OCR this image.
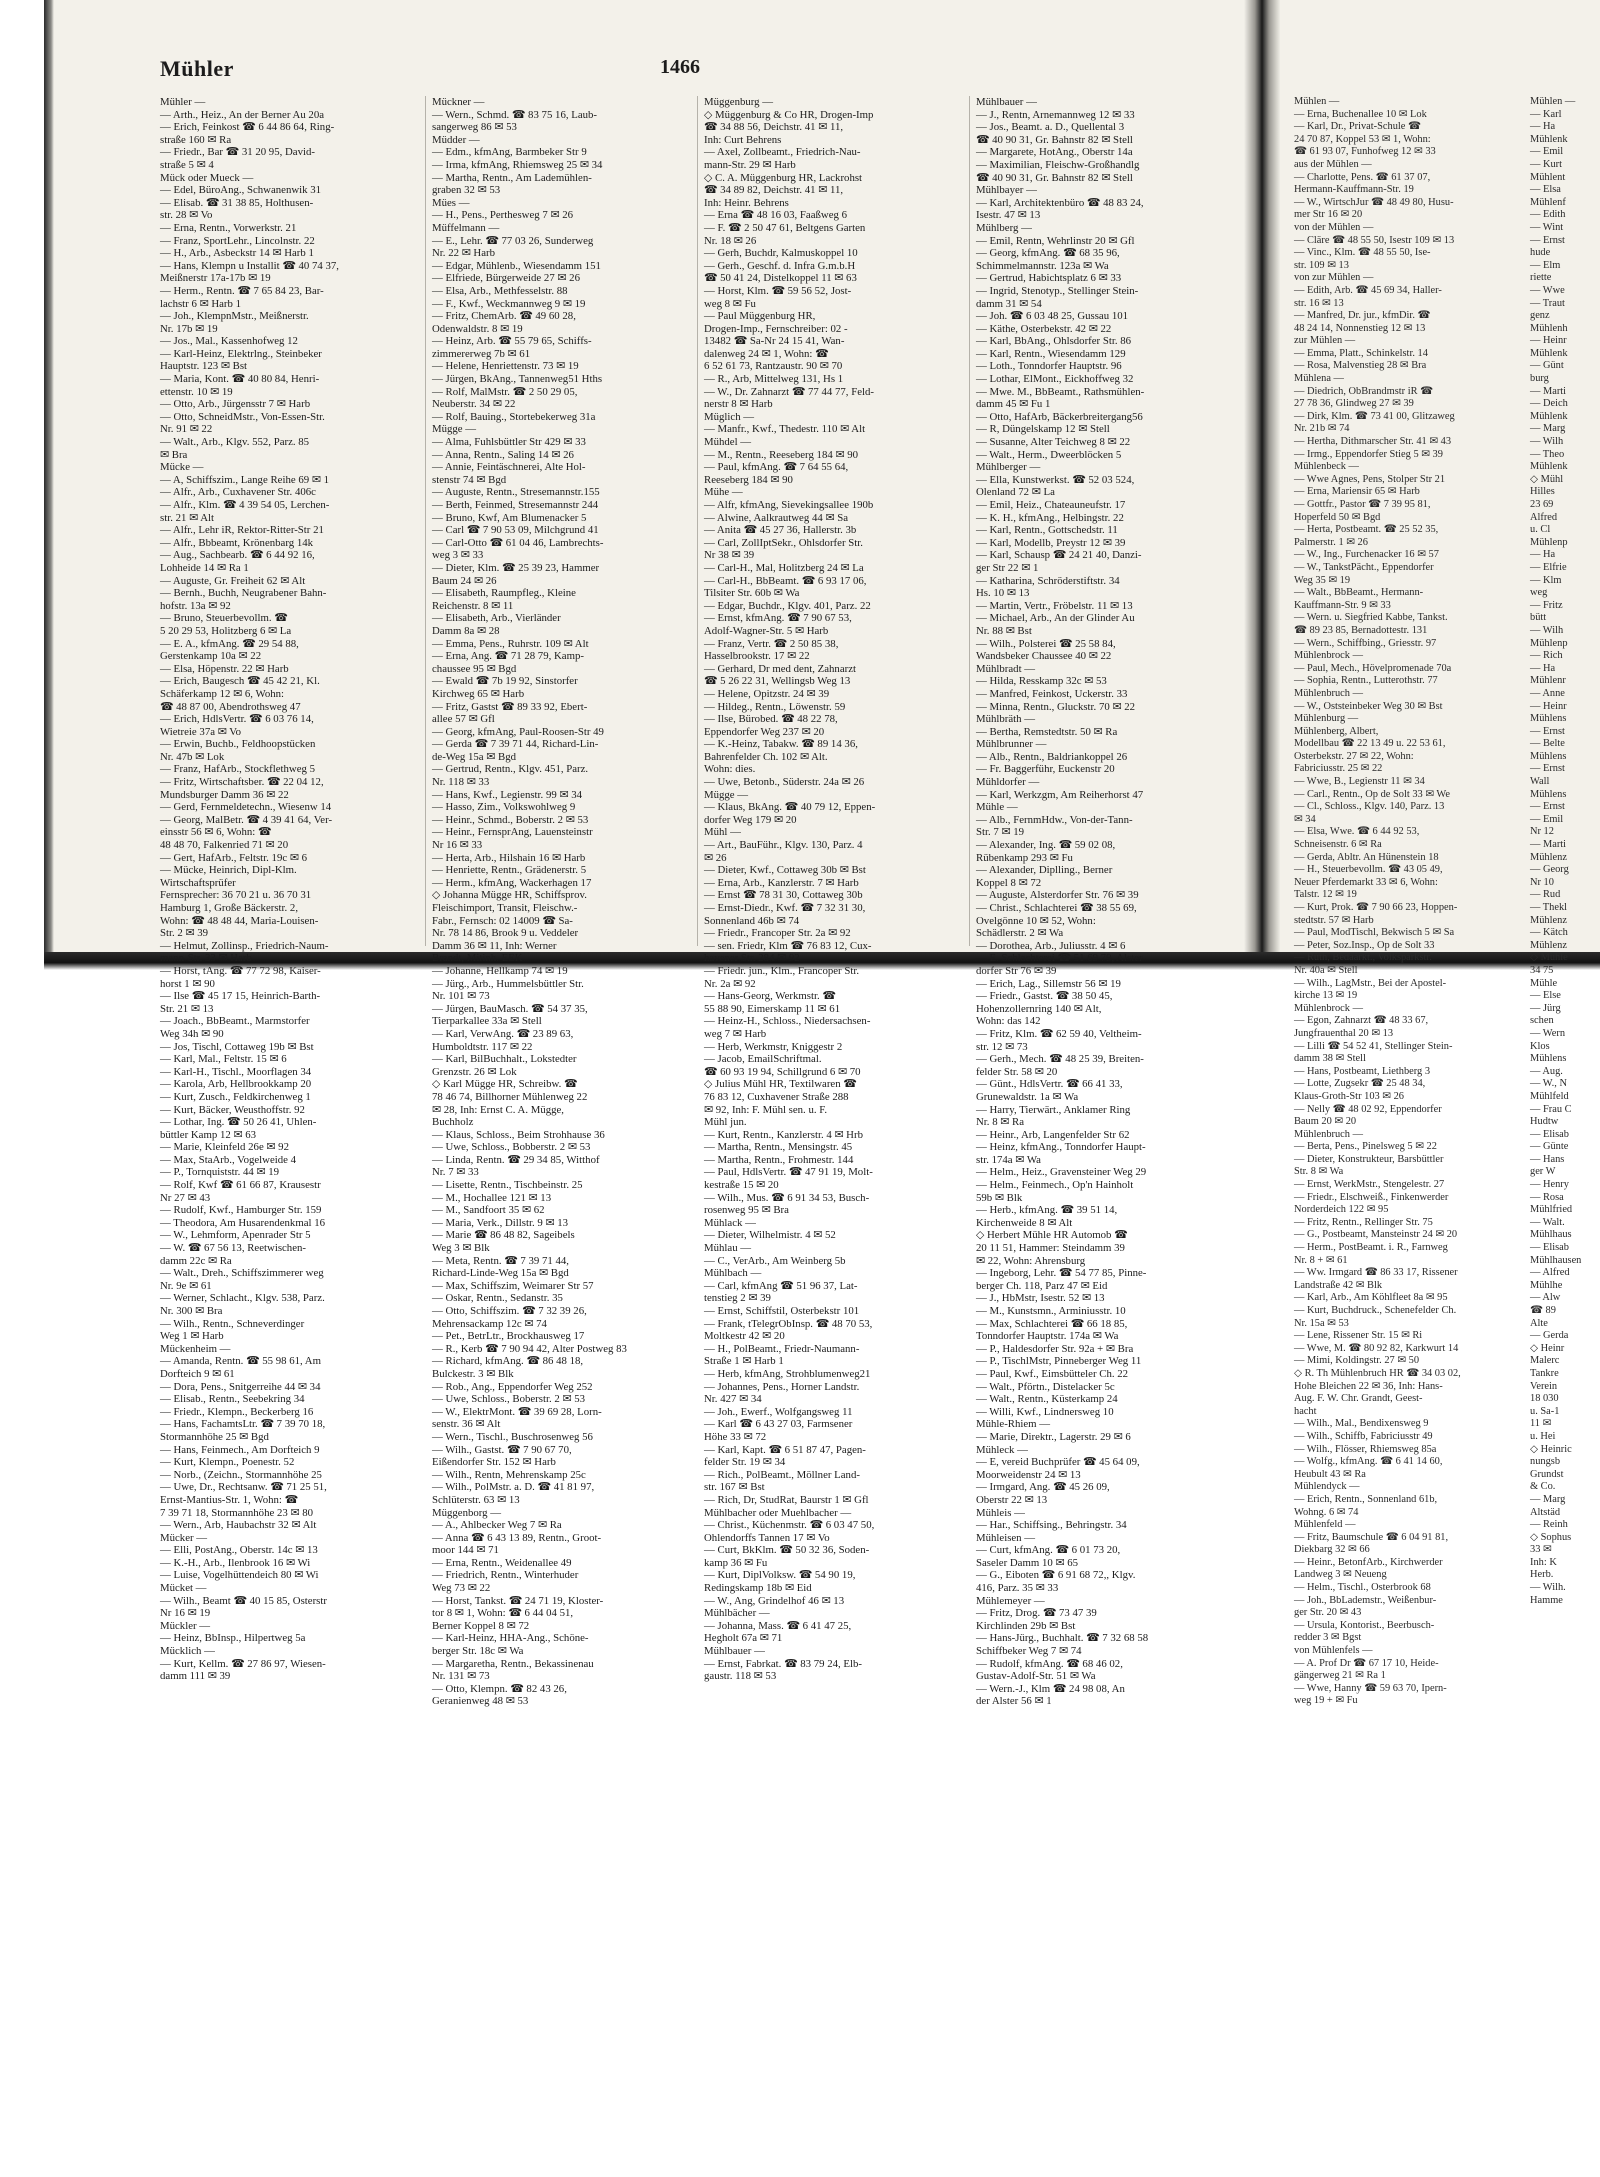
Mühler	1466
Mühler —
— Arth., Heiz., An der Berner Au 20a
— Erich, Feinkost ☎ 6 44 86 64, Ring-
straße 160 ✉ Ra
— Friedr., Bar ☎ 31 20 95, David-
straße 5 ✉ 4
Mück oder Mueck —
— Edel, BüroAng., Schwanenwik 31
— Elisab. ☎ 31 38 85, Holthusen-
str. 28 ✉ Vo
— Erna, Rentn., Vorwerkstr. 21
— Franz, SportLehr., Lincolnstr. 22
— H., Arb., Asbeckstr 14 ✉ Harb 1
— Hans, Klempn u Installit ☎ 40 74 37,
Meißnerstr 17a-17b ✉ 19
— Herm., Rentn. ☎ 7 65 84 23, Bar-
lachstr 6 ✉ Harb 1
— Joh., KlempnMstr., Meißnerstr.
Nr. 17b ✉ 19
— Jos., Mal., Kassenhofweg 12
— Karl-Heinz, Elektrlng., Steinbeker
Hauptstr. 123 ✉ Bst
— Maria, Kont. ☎ 40 80 84, Henri-
ettenstr. 10 ✉ 19
— Otto, Arb., Jürgensstr 7 ✉ Harb
— Otto, SchneidMstr., Von-Essen-Str.
Nr. 91 ✉ 22
— Walt., Arb., Klgv. 552, Parz. 85
✉ Bra
Mücke —
— A, Schiffszim., Lange Reihe 69 ✉ 1
— Alfr., Arb., Cuxhavener Str. 406c
— Alfr., Klm. ☎ 4 39 54 05, Lerchen-
str. 21 ✉ Alt
— Alfr., Lehr iR, Rektor-Ritter-Str 21
— Alfr., Bbbeamt, Krönenbarg 14k
— Aug., Sachbearb. ☎ 6 44 92 16,
Lohheide 14 ✉ Ra 1
— Auguste, Gr. Freiheit 62 ✉ Alt
— Bernh., Buchh, Neugrabener Bahn-
hofstr. 13a ✉ 92
— Bruno, Steuerbevollm. ☎
5 20 29 53, Holitzberg 6 ✉ La
— E. A., kfmAng. ☎ 29 54 88,
Gerstenkamp 10a ✉ 22
— Elsa, Höpenstr. 22 ✉ Harb
— Erich, Baugesch ☎ 45 42 21, Kl.
Schäferkamp 12 ✉ 6, Wohn:
☎ 48 87 00, Abendrothsweg 47
— Erich, HdlsVertr. ☎ 6 03 76 14,
Wietreie 37a ✉ Vo
— Erwin, Buchb., Feldhoopstücken
Nr. 47b ✉ Lok
— Franz, HafArb., Stockflethweg 5
— Fritz, Wirtschaftsber. ☎ 22 04 12,
Mundsburger Damm 36 ✉ 22
— Gerd, Fernmeldetechn., Wiesenw 14
— Georg, MalBetr. ☎ 4 39 41 64, Ver-
einsstr 56 ✉ 6, Wohn: ☎
48 48 70, Falkenried 71 ✉ 20
— Gert, HafArb., Feltstr. 19c ✉ 6
— Mücke, Heinrich, Dipl-Klm.
Wirtschaftsprüfer
Fernsprecher: 36 70 21 u. 36 70 31
Hamburg 1, Große Bäckerstr. 2,
Wohn: ☎ 48 48 44, Maria-Louisen-
Str. 2 ✉ 39
— Helmut, Zollinsp., Friedrich-Naum-
mann-Str. 33 ✉ Harb
— Horst, tAng. ☎ 77 72 98, Kaiser-
horst 1 ✉ 90
— Ilse ☎ 45 17 15, Heinrich-Barth-
Str. 21 ✉ 13
— Joach., BbBeamt., Marmstorfer
Weg 34h ✉ 90
— Jos, Tischl, Cottaweg 19b ✉ Bst
— Karl, Mal., Feltstr. 15 ✉ 6
— Karl-H., Tischl., Moorflagen 34
— Karola, Arb, Hellbrookkamp 20
— Kurt, Zusch., Feldkirchenweg 1
— Kurt, Bäcker, Weusthoffstr. 92
— Lothar, Ing. ☎ 50 26 41, Uhlen-
büttler Kamp 12 ✉ 63
— Marie, Kleinfeld 26e ✉ 92
— Max, StaArb., Vogelweide 4
— P., Tornquiststr. 44 ✉ 19
— Rolf, Kwf ☎ 61 66 87, Krausestr
Nr 27 ✉ 43
— Rudolf, Kwf., Hamburger Str. 159
— Theodora, Am Husarendenkmal 16
— W., Lehmform, Apenrader Str 5
— W. ☎ 67 56 13, Reetwischen-
damm 22c ✉ Ra
— Walt., Dreh., Schiffszimmerer weg
Nr. 9e ✉ 61
— Werner, Schlacht., Klgv. 538, Parz.
Nr. 300 ✉ Bra
— Wilh., Rentn., Schneverdinger
Weg 1 ✉ Harb
Mückenheim —
— Amanda, Rentn. ☎ 55 98 61, Am
Dorfteich 9 ✉ 61
— Dora, Pens., Snitgerreihe 44 ✉ 34
— Elisab., Rentn., Seebekring 34
— Friedr., Klempn., Beckerberg 16
— Hans, FachamtsLtr. ☎ 7 39 70 18,
Stormannhöhe 25 ✉ Bgd
— Hans, Feinmech., Am Dorfteich 9
— Kurt, Klempn., Poenestr. 52
— Norb., (Zeichn., Stormannhöhe 25
— Uwe, Dr., Rechtsanw. ☎ 71 25 51,
Ernst-Mantius-Str. 1, Wohn: ☎
7 39 71 18, Stormannhöhe 23 ✉ 80
— Wern., Arb, Haubachstr 32 ✉ Alt
Mücker —
— Elli, PostAng., Oberstr. 14c ✉ 13
— K.-H., Arb., Ilenbrook 16 ✉ Wi
— Luise, Vogelhüttendeich 80 ✉ Wi
Mücket —
— Wilh., Beamt ☎ 40 15 85, Osterstr
Nr 16 ✉ 19
Mückler —
— Heinz, BbInsp., Hilpertweg 5a
Mücklich —
— Kurt, Kellm. ☎ 27 86 97, Wiesen-
damm 111 ✉ 39
Mückner —
— Wern., Schmd. ☎ 83 75 16, Laub-
sangerweg 86 ✉ 53
Müdder —
— Edm., kfmAng, Barmbeker Str 9
— Irma, kfmAng, Rhiemsweg 25 ✉ 34
— Martha, Rentn., Am Lademühlen-
graben 32 ✉ 53
Mües —
— H., Pens., Perthesweg 7 ✉ 26
Müffelmann —
— E., Lehr. ☎ 77 03 26, Sunderweg
Nr. 22 ✉ Harb
— Edgar, Mühlenb., Wiesendamm 151
— Elfriede, Bürgerweide 27 ✉ 26
— Elsa, Arb., Methfesselstr. 88
— F., Kwf., Weckmannweg 9 ✉ 19
— Fritz, ChemArb. ☎ 49 60 28,
Odenwaldstr. 8 ✉ 19
— Heinz, Arb. ☎ 55 79 65, Schiffs-
zimmererweg 7b ✉ 61
— Helene, Henriettenstr. 73 ✉ 19
— Jürgen, BkAng., Tannenweg51 Hths
— Rolf, MalMstr. ☎ 2 50 29 05,
Neuberstr. 34 ✉ 22
— Rolf, Bauing., Stortebekerweg 31a
Mügge —
— Alma, Fuhlsbüttler Str 429 ✉ 33
— Anna, Rentn., Saling 14 ✉ 26
— Annie, Feintäschnerei, Alte Hol-
stenstr 74 ✉ Bgd
— Auguste, Rentn., Stresemannstr.155
— Berth, Feinmed, Stresemannstr 244
— Bruno, Kwf, Am Blumenacker 5
— Carl ☎ 7 90 53 09, Milchgrund 41
— Carl-Otto ☎ 61 04 46, Lambrechts-
weg 3 ✉ 33
— Dieter, Klm. ☎ 25 39 23, Hammer
Baum 24 ✉ 26
— Elisabeth, Raumpfleg., Kleine
Reichenstr. 8 ✉ 11
— Elisabeth, Arb., Vierländer
Damm 8a ✉ 28
— Emma, Pens., Ruhrstr. 109 ✉ Alt
— Erna, Ang. ☎ 71 28 79, Kamp-
chaussee 95 ✉ Bgd
— Ewald ☎ 7b 19 92, Sinstorfer
Kirchweg 65 ✉ Harb
— Fritz, Gastst ☎ 89 33 92, Ebert-
allee 57 ✉ Gfl
— Georg, kfmAng, Paul-Roosen-Str 49
— Gerda ☎ 7 39 71 44, Richard-Lin-
de-Weg 15a ✉ Bgd
— Gertrud, Rentn., Klgv. 451, Parz.
Nr. 118 ✉ 33
— Hans, Kwf., Legienstr. 99 ✉ 34
— Hasso, Zim., Volkswohlweg 9
— Heinr., Schmd., Boberstr. 2 ✉ 53
— Heinr., FernsprAng, Lauensteinstr
Nr 16 ✉ 33
— Herta, Arb., Hilshain 16 ✉ Harb
— Henriette, Rentn., Grädenerstr. 5
— Herm., kfmAng, Wackerhagen 17
◇ Johanna Mügge HR, Schiffsprov.
Fleischimport, Transit, Fleischw.-
Fabr., Fernsch: 02 14009 ☎ Sa-
Nr. 78 14 86, Brook 9 u. Veddeler
Damm 36 ✉ 11, Inh: Werner
Brandt, Mitinh. EEK
— Johanne, Hellkamp 74 ✉ 19
— Jürg., Arb., Hummelsbüttler Str.
Nr. 101 ✉ 73
— Jürgen, BauMasch. ☎ 54 37 35,
Tierparkallee 33a ✉ Stell
— Karl, VerwAng. ☎ 23 89 63,
Humboldtstr. 117 ✉ 22
— Karl, BilBuchhalt., Lokstedter
Grenzstr. 26 ✉ Lok
◇ Karl Mügge HR, Schreibw. ☎
78 46 74, Billhorner Mühlenweg 22
✉ 28, Inh: Ernst C. A. Mügge,
Buchholz
— Klaus, Schloss., Beim Strohhause 36
— Uwe, Schloss., Bobberstr. 2 ✉ 53
— Linda, Rentn. ☎ 29 34 85, Witthof
Nr. 7 ✉ 33
— Lisette, Rentn., Tischbeinstr. 25
— M., Hochallee 121 ✉ 13
— M., Sandfoort 35 ✉ 62
— Maria, Verk., Dillstr. 9 ✉ 13
— Marie ☎ 86 48 82, Sageibels
Weg 3 ✉ Blk
— Meta, Rentn. ☎ 7 39 71 44,
Richard-Linde-Weg 15a ✉ Bgd
— Max, Schiffszim, Weimarer Str 57
— Oskar, Rentn., Sedanstr. 35
— Otto, Schiffszim. ☎ 7 32 39 26,
Mehrensackamp 12c ✉ 74
— Pet., BetrLtr., Brockhausweg 17
— R., Kerb ☎ 7 90 94 42, Alter Postweg 83
— Richard, kfmAng. ☎ 86 48 18,
Bulckestr. 3 ✉ Blk
— Rob., Ang., Eppendorfer Weg 252
— Uwe, Schloss., Boberstr. 2 ✉ 53
— W., ElektrMont. ☎ 39 69 28, Lorn-
senstr. 36 ✉ Alt
— Wern., Tischl., Buschrosenweg 56
— Wilh., Gastst. ☎ 7 90 67 70,
Eißendorfer Str. 152 ✉ Harb
— Wilh., Rentn, Mehrenskamp 25c
— Wilh., PolMstr. a. D. ☎ 41 81 97,
Schlüterstr. 63 ✉ 13
Müggenborg —
— A., Ahlbecker Weg 7 ✉ Ra
— Anna ☎ 6 43 13 89, Rentn., Groot-
moor 144 ✉ 71
— Erna, Rentn., Weidenallee 49
— Friedrich, Rentn., Winterhuder
Weg 73 ✉ 22
— Horst, Tankst. ☎ 24 71 19, Kloster-
tor 8 ✉ 1, Wohn: ☎ 6 44 04 51,
Berner Koppel 8 ✉ 72
— Karl-Heinz, HHA-Ang., Schöne-
berger Str. 18c ✉ Wa
— Margaretha, Rentn., Bekassinenau
Nr. 131 ✉ 73
— Otto, Klempn. ☎ 82 43 26,
Geranienweg 48 ✉ 53
Müggenburg —
◇ Müggenburg & Co HR, Drogen-Imp
☎ 34 88 56, Deichstr. 41 ✉ 11,
Inh: Curt Behrens
— Axel, Zollbeamt., Friedrich-Nau-
mann-Str. 29 ✉ Harb
◇ C. A. Müggenburg HR, Lackrohst
☎ 34 89 82, Deichstr. 41 ✉ 11,
Inh: Heinr. Behrens
— Erna ☎ 48 16 03, Faaßweg 6
— F. ☎ 2 50 47 61, Beltgens Garten
Nr. 18 ✉ 26
— Gerh, Buchdr, Kalmuskoppel 10
— Gerh., Geschf. d. Infra G.m.b.H
☎ 50 41 24, Distelkoppel 11 ✉ 63
— Horst, Klm. ☎ 59 56 52, Jost-
weg 8 ✉ Fu
— Paul Müggenburg HR,
Drogen-Imp., Fernschreiber: 02 -
13482 ☎ Sa-Nr 24 15 41, Wan-
dalenweg 24 ✉ 1, Wohn: ☎
6 52 61 73, Rantzaustr. 90 ✉ 70
— R., Arb, Mittelweg 131, Hs 1
— W., Dr. Zahnarzt ☎ 77 44 77, Feld-
nerstr 8 ✉ Harb
Müglich —
— Manfr., Kwf., Thedestr. 110 ✉ Alt
Mühdel —
— M., Rentn., Reeseberg 184 ✉ 90
— Paul, kfmAng. ☎ 7 64 55 64,
Reeseberg 184 ✉ 90
Mühe —
— Alfr, kfmAng, Sievekingsallee 190b
— Alwine, Aalkrautweg 44 ✉ Sa
— Anita ☎ 45 27 36, Hallerstr. 3b
— Carl, ZollIptSekr., Ohlsdorfer Str.
Nr 38 ✉ 39
— Carl-H., Mal, Holitzberg 24 ✉ La
— Carl-H., BbBeamt. ☎ 6 93 17 06,
Tilsiter Str. 60b ✉ Wa
— Edgar, Buchdr., Klgv. 401, Parz. 22
— Ernst, kfmAng. ☎ 7 90 67 53,
Adolf-Wagner-Str. 5 ✉ Harb
— Franz, Vertr. ☎ 2 50 85 38,
Hasselbrookstr. 17 ✉ 22
— Gerhard, Dr med dent, Zahnarzt
☎ 5 26 22 31, Wellingsb Weg 13
— Helene, Opitzstr. 24 ✉ 39
— Hildeg., Rentn., Löwenstr. 59
— Ilse, Bürobed. ☎ 48 22 78,
Eppendorfer Weg 237 ✉ 20
— K.-Heinz, Tabakw. ☎ 89 14 36,
Bahrenfelder Ch. 102 ✉ Alt.
Wohn: dies.
— Uwe, Betonb., Süderstr. 24a ✉ 26
Mügge —
— Klaus, BkAng. ☎ 40 79 12, Eppen-
dorfer Weg 179 ✉ 20
Mühl —
— Art., BauFühr., Klgv. 130, Parz. 4
✉ 26
— Dieter, Kwf., Cottaweg 30b ✉ Bst
— Erna, Arb., Kanzlerstr. 7 ✉ Harb
— Ernst ☎ 78 31 30, Cottaweg 30b
— Ernst-Diedr., Kwf. ☎ 7 32 31 30,
Sonnenland 46b ✉ 74
— Friedr., Francoper Str. 2a ✉ 92
— sen. Friedr, Klm ☎ 76 83 12, Cux-
havener Str. 284 ✉ 92
— Friedr. jun., Klm., Francoper Str.
Nr. 2a ✉ 92
— Hans-Georg, Werkmstr. ☎
55 88 90, Eimerskamp 11 ✉ 61
— Heinz-H., Schloss., Niedersachsen-
weg 7 ✉ Harb
— Herb, Werkmstr, Kniggestr 2
— Jacob, EmailSchriftmal.
☎ 60 93 19 94, Schillgrund 6 ✉ 70
◇ Julius Mühl HR, Textilwaren ☎
76 83 12, Cuxhavener Straße 288
✉ 92, Inh: F. Mühl sen. u. F.
Mühl jun.
— Kurt, Rentn., Kanzlerstr. 4 ✉ Hrb
— Martha, Rentn., Mensingstr. 45
— Martha, Rentn., Frohmestr. 144
— Paul, HdlsVertr. ☎ 47 91 19, Molt-
kestraße 15 ✉ 20
— Wilh., Mus. ☎ 6 91 34 53, Busch-
rosenweg 95 ✉ Bra
Mühlack —
— Dieter, Wilhelmistr. 4 ✉ 52
Mühlau —
— C., VerArb., Am Weinberg 5b
Mühlbach —
— Carl, kfmAng ☎ 51 96 37, Lat-
tenstieg 2 ✉ 39
— Ernst, Schiffstil, Osterbekstr 101
— Frank, tTelegrObInsp. ☎ 48 70 53,
Moltkestr 42 ✉ 20
— H., PolBeamt., Friedr-Naumann-
Straße 1 ✉ Harb 1
— Herb, kfmAng, Strohblumenweg21
— Johannes, Pens., Horner Landstr.
Nr. 427 ✉ 34
— Joh., Ewerf., Wolfgangsweg 11
— Karl ☎ 6 43 27 03, Farmsener
Höhe 33 ✉ 72
— Karl, Kapt. ☎ 6 51 87 47, Pagen-
felder Str. 19 ✉ 34
— Rich., PolBeamt., Möllner Land-
str. 167 ✉ Bst
— Rich, Dr, StudRat, Baurstr 1 ✉ Gfl
Mühlbacher oder Muehlbacher —
— Christ., Küchenmstr. ☎ 6 03 47 50,
Ohlendorffs Tannen 17 ✉ Vo
— Curt, BkKlm. ☎ 50 32 36, Soden-
kamp 36 ✉ Fu
— Kurt, DiplVolksw. ☎ 54 90 19,
Redingskamp 18b ✉ Eid
— W., Ang, Grindelhof 46 ✉ 13
Mühlbächer —
— Johanna, Mass. ☎ 6 41 47 25,
Hegholt 67a ✉ 71
Mühlbauer —
— Ernst, Fabrkat. ☎ 83 79 24, Elb-
gaustr. 118 ✉ 53
Mühlbauer —
— J., Rentn, Arnemannweg 12 ✉ 33
— Jos., Beamt. a. D., Quellental 3
☎ 40 90 31, Gr. Bahnstr 82 ✉ Stell
— Margarete, HotAng., Oberstr 14a
— Maximilian, Fleischw-Großhandlg
☎ 40 90 31, Gr. Bahnstr 82 ✉ Stell
Mühlbayer —
— Karl, Architektenbüro ☎ 48 83 24,
Isestr. 47 ✉ 13
Mühlberg —
— Emil, Rentn, Wehrlinstr 20 ✉ Gfl
— Georg, kfmAng. ☎ 68 35 96,
Schimmelmannstr. 123a ✉ Wa
— Gertrud, Habichtsplatz 6 ✉ 33
— Ingrid, Stenotyp., Stellinger Stein-
damm 31 ✉ 54
— Joh. ☎ 6 03 48 25, Gussau 101
— Käthe, Osterbekstr. 42 ✉ 22
— Karl, BbAng., Ohlsdorfer Str. 86
— Karl, Rentn., Wiesendamm 129
— Loth., Tonndorfer Hauptstr. 96
— Lothar, ElMont., Eickhoffweg 32
— Mwe. M., BbBeamt., Rathsmühlen-
damm 45 ✉ Fu 1
— Otto, HafArb, Bäckerbreitergang56
— R, Düngelskamp 12 ✉ Stell
— Susanne, Alter Teichweg 8 ✉ 22
— Walt., Herm., Dweerblöcken 5
Mühlberger —
— Ella, Kunstwerkst. ☎ 52 03 524,
Olenland 72 ✉ La
— Emil, Heiz., Chateauneufstr. 17
— K. H., kfmAng., Helbingstr. 22
— Karl, Rentn., Gottschedstr. 11
— Karl, Modellb, Preystr 12 ✉ 39
— Karl, Schausp ☎ 24 21 40, Danzi-
ger Str 22 ✉ 1
— Katharina, Schröderstiftstr. 34
Hs. 10 ✉ 13
— Martin, Vertr., Fröbelstr. 11 ✉ 13
— Michael, Arb., An der Glinder Au
Nr. 88 ✉ Bst
— Wilh., Polsterei ☎ 25 58 84,
Wandsbeker Chaussee 40 ✉ 22
Mühlbradt —
— Hilda, Resskamp 32c ✉ 53
— Manfred, Feinkost, Uckerstr. 33
— Minna, Rentn., Gluckstr. 70 ✉ 22
Mühlbräth —
— Bertha, Remstedtstr. 50 ✉ Ra
Mühlbrunner —
— Alb., Rentn., Baldriankoppel 26
— Fr. Baggerführ, Euckenstr 20
Mühldorfer —
— Karl, Werkzgm, Am Reiherhorst 47
Mühle —
— Alb., FernmHdw., Von-der-Tann-
Str. 7 ✉ 19
— Alexander, Ing. ☎ 59 02 08,
Rübenkamp 293 ✉ Fu
— Alexander, Diplling., Berner
Koppel 8 ✉ 72
— Auguste, Alsterdorfer Str. 76 ✉ 39
— Christ., Schlachterei ☎ 38 55 69,
Ovelgönne 10 ✉ 52, Wohn:
Schädlerstr. 2 ✉ Wa
— Dorothea, Arb., Juliusstr. 4 ✉ 6
— E. Schlachterei ☎ 51 69 79, Alster-
dorfer Str 76 ✉ 39
— Erich, Lag., Sillemstr 56 ✉ 19
— Friedr., Gastst. ☎ 38 50 45,
Hohenzollernring 140 ✉ Alt,
Wohn: das 142
— Fritz, Klm. ☎ 62 59 40, Veltheim-
str. 12 ✉ 73
— Gerh., Mech. ☎ 48 25 39, Breiten-
felder Str. 58 ✉ 20
— Günt., HdlsVertr. ☎ 66 41 33,
Grunewaldstr. 1a ✉ Wa
— Harry, Tierwärt., Anklamer Ring
Nr. 8 ✉ Ra
— Heinr., Arb, Langenfelder Str 62
— Heinz, kfmAng., Tonndorfer Haupt-
str. 174a ✉ Wa
— Helm., Heiz., Gravensteiner Weg 29
— Helm., Feinmech., Op'n Hainholt
59b ✉ Blk
— Herb., kfmAng. ☎ 39 51 14,
Kirchenweide 8 ✉ Alt
◇ Herbert Mühle HR Automob ☎
20 11 51, Hammer: Steindamm 39
✉ 22, Wohn: Ahrensburg
— Ingeborg, Lehr. ☎ 54 77 85, Pinne-
berger Ch. 118, Parz 47 ✉ Eid
— J., HbMstr, Isestr. 52 ✉ 13
— M., Kunstsmn., Arminiusstr. 10
— Max, Schlachterei ☎ 66 18 85,
Tonndorfer Hauptstr. 174a ✉ Wa
— P., Haldesdorfer Str. 92a + ✉ Bra
— P., TischlMstr, Pinneberger Weg 11
— Paul, Kwf., Eimsbütteler Ch. 22
— Walt., Pförtn., Distelacker 5c
— Walt., Rentn., Küsterkamp 24
— Willi, Kwf., Lindnersweg 10
Mühle-Rhiem —
— Marie, Direktr., Lagerstr. 29 ✉ 6
Mühleck —
— E, vereid Buchprüfer ☎ 45 64 09,
Moorweidenstr 24 ✉ 13
— Irmgard, Ang. ☎ 45 26 09,
Oberstr 22 ✉ 13
Mühleis —
— Har., Schiffsing., Behringstr. 34
Mühleisen —
— Curt, kfmAng. ☎ 6 01 73 20,
Saseler Damm 10 ✉ 65
— G., Eiboten ☎ 6 91 68 72,, Klgv.
416, Parz. 35 ✉ 33
Mühlemeyer —
— Fritz, Drog. ☎ 73 47 39
Kirchlinden 29b ✉ Bst
— Hans-Jürg., Buchhalt. ☎ 7 32 68 58
Schiffbeker Weg 7 ✉ 74
— Rudolf, kfmAng. ☎ 68 46 02,
Gustav-Adolf-Str. 51 ✉ Wa
— Wern.-J., Klm ☎ 24 98 08, An
der Alster 56 ✉ 1
Mühlen —
— Erna, Buchenallee 10 ✉ Lok
— Karl, Dr., Privat-Schule ☎
24 70 87, Koppel 53 ✉ 1, Wohn:
☎ 61 93 07, Funhofweg 12 ✉ 33
aus der Mühlen —
— Charlotte, Pens. ☎ 61 37 07,
Hermann-Kauffmann-Str. 19
— W., WirtschJur ☎ 48 49 80, Husu-
mer Str 16 ✉ 20
von der Mühlen —
— Cläre ☎ 48 55 50, Isestr 109 ✉ 13
— Vinc., Klm. ☎ 48 55 50, Ise-
str. 109 ✉ 13
von zur Mühlen —
— Edith, Arb. ☎ 45 69 34, Haller-
str. 16 ✉ 13
— Manfred, Dr. jur., kfmDir. ☎
48 24 14, Nonnenstieg 12 ✉ 13
zur Mühlen —
— Emma, Platt., Schinkelstr. 14
— Rosa, Malvenstieg 28 ✉ Bra
Mühlena —
— Diedrich, ObBrandmstr iR ☎
27 78 36, Glindweg 27 ✉ 39
— Dirk, Klm. ☎ 73 41 00, Glitzaweg
Nr. 21b ✉ 74
— Hertha, Dithmarscher Str. 41 ✉ 43
— Irmg., Eppendorfer Stieg 5 ✉ 39
Mühlenbeck —
— Wwe Agnes, Pens, Stolper Str 21
— Erna, Mariensir 65 ✉ Harb
— Gottfr., Pastor ☎ 7 39 95 81,
Hoperfeld 50 ✉ Bgd
— Herta, Postbeamt. ☎ 25 52 35,
Palmerstr. 1 ✉ 26
— W., Ing., Furchenacker 16 ✉ 57
— W., TankstPächt., Eppendorfer
Weg 35 ✉ 19
— Walt., BbBeamt., Hermann-
Kauffmann-Str. 9 ✉ 33
— Wern. u. Siegfried Kabbe, Tankst.
☎ 89 23 85, Bernadottestr. 131
— Wern., Schiffbing., Griesstr. 97
Mühlenbrock —
— Paul, Mech., Hövelpromenade 70a
— Sophia, Rentn., Lutterothstr. 77
Mühlenbruch —
— W., Oststeinbeker Weg 30 ✉ Bst
Mühlenburg —
Mühlenberg, Albert,
Modellbau ☎ 22 13 49 u. 22 53 61,
Osterbekstr. 27 ✉ 22, Wohn:
Fabriciusstr. 25 ✉ 22
— Wwe, B., Legienstr 11 ✉ 34
— Carl., Rentn., Op de Solt 33 ✉ We
— Cl., Schloss., Klgv. 140, Parz. 13
✉ 34
— Elsa, Wwe. ☎ 6 44 92 53,
Schneisenstr. 6 ✉ Ra
— Gerda, Abltr. An Hünenstein 18
— H., Steuerbevollm. ☎ 43 05 49,
Neuer Pferdemarkt 33 ✉ 6, Wohn:
Talstr. 12 ✉ 19
— Kurt, Prok. ☎ 7 90 66 23, Hoppen-
stedtstr. 57 ✉ Harb
— Paul, ModTischl, Bekwisch 5 ✉ Sa
— Peter, Soz.Insp., Op de Solt 33
— Ruth, Bedaarkt., Volksparkstr.
Nr. 40a ✉ Stell
— Wilh., LagMstr., Bei der Apostel-
kirche 13 ✉ 19
Mühlenbrock —
— Egon, Zahnarzt ☎ 48 33 67,
Jungfrauenthal 20 ✉ 13
— Lilli ☎ 54 52 41, Stellinger Stein-
damm 38 ✉ Stell
— Hans, Postbeamt, Liethberg 3
— Lotte, Zugsekr ☎ 25 48 34,
Klaus-Groth-Str 103 ✉ 26
— Nelly ☎ 48 02 92, Eppendorfer
Baum 20 ✉ 20
Mühlenbruch —
— Berta, Pens., Pinelsweg 5 ✉ 22
— Dieter, Konstrukteur, Barsbüttler
Str. 8 ✉ Wa
— Ernst, WerkMstr., Stengelestr. 27
— Friedr., Elschweiß., Finkenwerder
Norderdeich 122 ✉ 95
— Fritz, Rentn., Rellinger Str. 75
— G., Postbeamt, Mansteinstr 24 ✉ 20
— Herm., PostBeamt. i. R., Farnweg
Nr. 8 + ✉ 61
— Ww. Irmgard ☎ 86 33 17, Rissener
Landstraße 42 ✉ Blk
— Karl, Arb., Am Köhlfleet 8a ✉ 95
— Kurt, Buchdruck., Schenefelder Ch.
Nr. 15a ✉ 53
— Lene, Rissener Str. 15 ✉ Ri
— Wwe, M. ☎ 80 92 82, Karkwurt 14
— Mimi, Koldingstr. 27 ✉ 50
◇ R. Th Mühlenbruch HR ☎ 34 03 02,
Hohe Bleichen 22 ✉ 36, Inh: Hans-
Aug. F. W. Chr. Grandt, Geest-
hacht
— Wilh., Mal., Bendixensweg 9
— Wilh., Schiffb, Fabriciusstr 49
— Wilh., Flösser, Rhiemsweg 85a
— Wolfg., kfmAng. ☎ 6 41 14 60,
Heubult 43 ✉ Ra
Mühlendyck —
— Erich, Rentn., Sonnenland 61b,
Wohng. 6 ✉ 74
Mühlenfeld —
— Fritz, Baumschule ☎ 6 04 91 81,
Diekbarg 32 ✉ 66
— Heinr., BetonfArb., Kirchwerder
Landweg 3 ✉ Neueng
— Helm., Tischl., Osterbrook 68
— Joh., BbLademstr., Weißenbur-
ger Str. 20 ✉ 43
— Ursula, Kontorist., Beerbusch-
redder 3 ✉ Bgst
von Mühlenfels —
— A. Prof Dr ☎ 67 17 10, Heide-
gängerweg 21 ✉ Ra 1
— Wwe, Hanny ☎ 59 63 70, Ipern-
weg 19 + ✉ Fu
Mühlen —
— Karl
— Ha
Mühlenk
— Emil
— Kurt
Mühlent
— Elsa
Mühlenf
— Edith
— Wint
— Ernst
hude
— Elm
riette
— Wwe
— Traut
genz
Mühlenh
— Heinr
Mühlenk
— Günt
burg
— Marti
— Deich
Mühlenk
— Marg
— Wilh
— Theo
Mühlenk
◇ Mühl
Hilles
23 69
Alfred
u. Cl
Mühlenp
— Ha
— Elfrie
— Klm
weg
— Fritz
bütt
— Wilh
Mühlenp
— Rich
— Ha
Mühlenr
— Anne
— Heinr
Mühlens
— Ernst
— Belte
Mühlens
— Ernst
Wall
Mühlens
— Ernst
— Emil
Nr 12
— Marti
Mühlenz
— Georg
Nr 10
— Rud
— Thekl
Mühlenz
— Kätch
Mühlenz
◇ Mühle
34 75
Mühle
— Else
— Jürg
schen
— Wern
Klos
Mühlens
— Aug.
— W., N
Mühlfeld
— Frau C
Hudtw
— Elisab
— Günte
— Hans
ger W
— Henry
— Rosa
Mühlfried
— Walt.
Mühlhaus
— Elisab
Mühlhausen
— Alfred
Mühlhe
— Alw
☎ 89
Alte
— Gerda
◇ Heinr
Malerc
Tankre
Verein
18 030
u. Sa-1
11 ✉
u. Hei
◇ Heinric
nungsb
Grundst
& Co.
— Marg
Altstäd
— Reinh
◇ Sophus
33 ✉
Inh: K
Herb.
— Wilh.
Hamme
